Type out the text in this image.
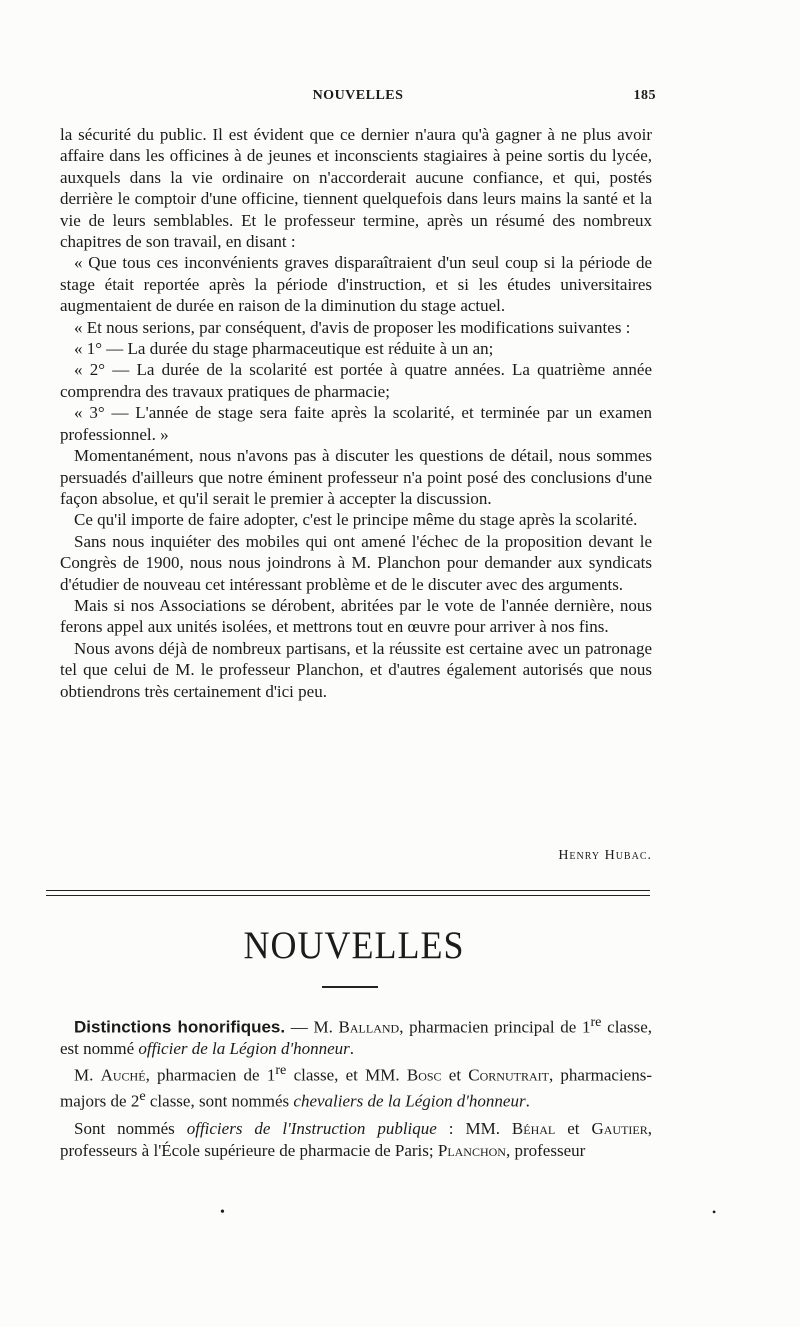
NOUVELLES	185

la sécurité du public. Il est évident que ce dernier n'aura qu'à gagner à ne plus avoir affaire dans les officines à de jeunes et inconscients stagiaires à peine sortis du lycée, auxquels dans la vie ordinaire on n'accorderait aucune confiance, et qui, postés derrière le comptoir d'une officine, tiennent quelquefois dans leurs mains la santé et la vie de leurs semblables. Et le professeur termine, après un résumé des nombreux chapitres de son travail, en disant :

« Que tous ces inconvénients graves disparaîtraient d'un seul coup si la période de stage était reportée après la période d'instruction, et si les études universitaires augmentaient de durée en raison de la diminution du stage actuel.

« Et nous serions, par conséquent, d'avis de proposer les modifications suivantes :

« 1° — La durée du stage pharmaceutique est réduite à un an;

« 2° — La durée de la scolarité est portée à quatre années. La quatrième année comprendra des travaux pratiques de pharmacie;

« 3° — L'année de stage sera faite après la scolarité, et terminée par un examen professionnel. »

Momentanément, nous n'avons pas à discuter les questions de détail, nous sommes persuadés d'ailleurs que notre éminent professeur n'a point posé des conclusions d'une façon absolue, et qu'il serait le premier à accepter la discussion.

Ce qu'il importe de faire adopter, c'est le principe même du stage après la scolarité.

Sans nous inquiéter des mobiles qui ont amené l'échec de la proposition devant le Congrès de 1900, nous nous joindrons à M. Planchon pour demander aux syndicats d'étudier de nouveau cet intéressant problème et de le discuter avec des arguments.

Mais si nos Associations se dérobent, abritées par le vote de l'année dernière, nous ferons appel aux unités isolées, et mettrons tout en œuvre pour arriver à nos fins.

Nous avons déjà de nombreux partisans, et la réussite est certaine avec un patronage tel que celui de M. le professeur Planchon, et d'autres également autorisés que nous obtiendrons très certainement d'ici peu.

Henry Hubac.
NOUVELLES

Distinctions honorifiques. — M. Balland, pharmacien principal de 1re classe, est nommé officier de la Légion d'honneur.

M. Auché, pharmacien de 1re classe, et MM. Bosc et Cornutrait, pharmaciens-majors de 2e classe, sont nommés chevaliers de la Légion d'honneur.

Sont nommés officiers de l'Instruction publique : MM. Béhal et Gautier, professeurs à l'École supérieure de pharmacie de Paris; Planchon, professeur

•	•
